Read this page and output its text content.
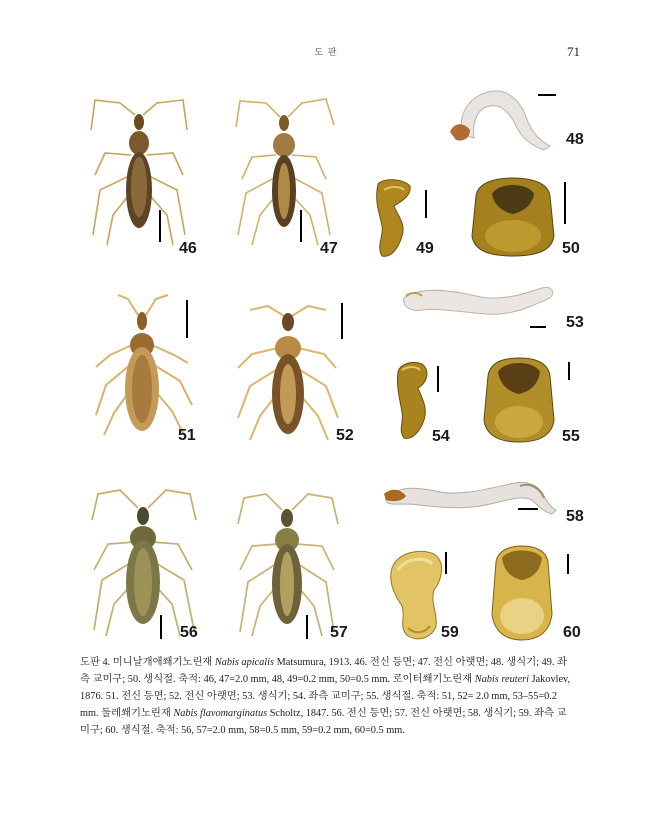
도 판	71
46	47
48
49	50
51	52
53
54	55
56	57
58
59	60
도판 4. 미니날개애쐐기노린재 Nabis apicalis Matsumura, 1913. 46. 전신 등면; 47. 전신 아랫면; 48. 생식기; 49. 좌측 교미구; 50. 생식절. 축적: 46, 47=2.0 mm, 48, 49=0.2 mm, 50=0.5 mm. 로이터쐐기노린재 Nabis reuteri Jakovlev, 1876. 51. 전신 등면; 52. 전신 아랫면; 53. 생식기; 54. 좌측 교미구; 55. 생식절. 축적: 51, 52= 2.0 mm, 53–55=0.2 mm. 둘레쐐기노린재 Nabis flavomarginatus Scholtz, 1847. 56. 전신 등면; 57. 전신 아랫면; 58. 생식기; 59. 좌측 교미구; 60. 생식절. 축적: 56, 57=2.0 mm, 58=0.5 mm, 59=0.2 mm, 60=0.5 mm.
